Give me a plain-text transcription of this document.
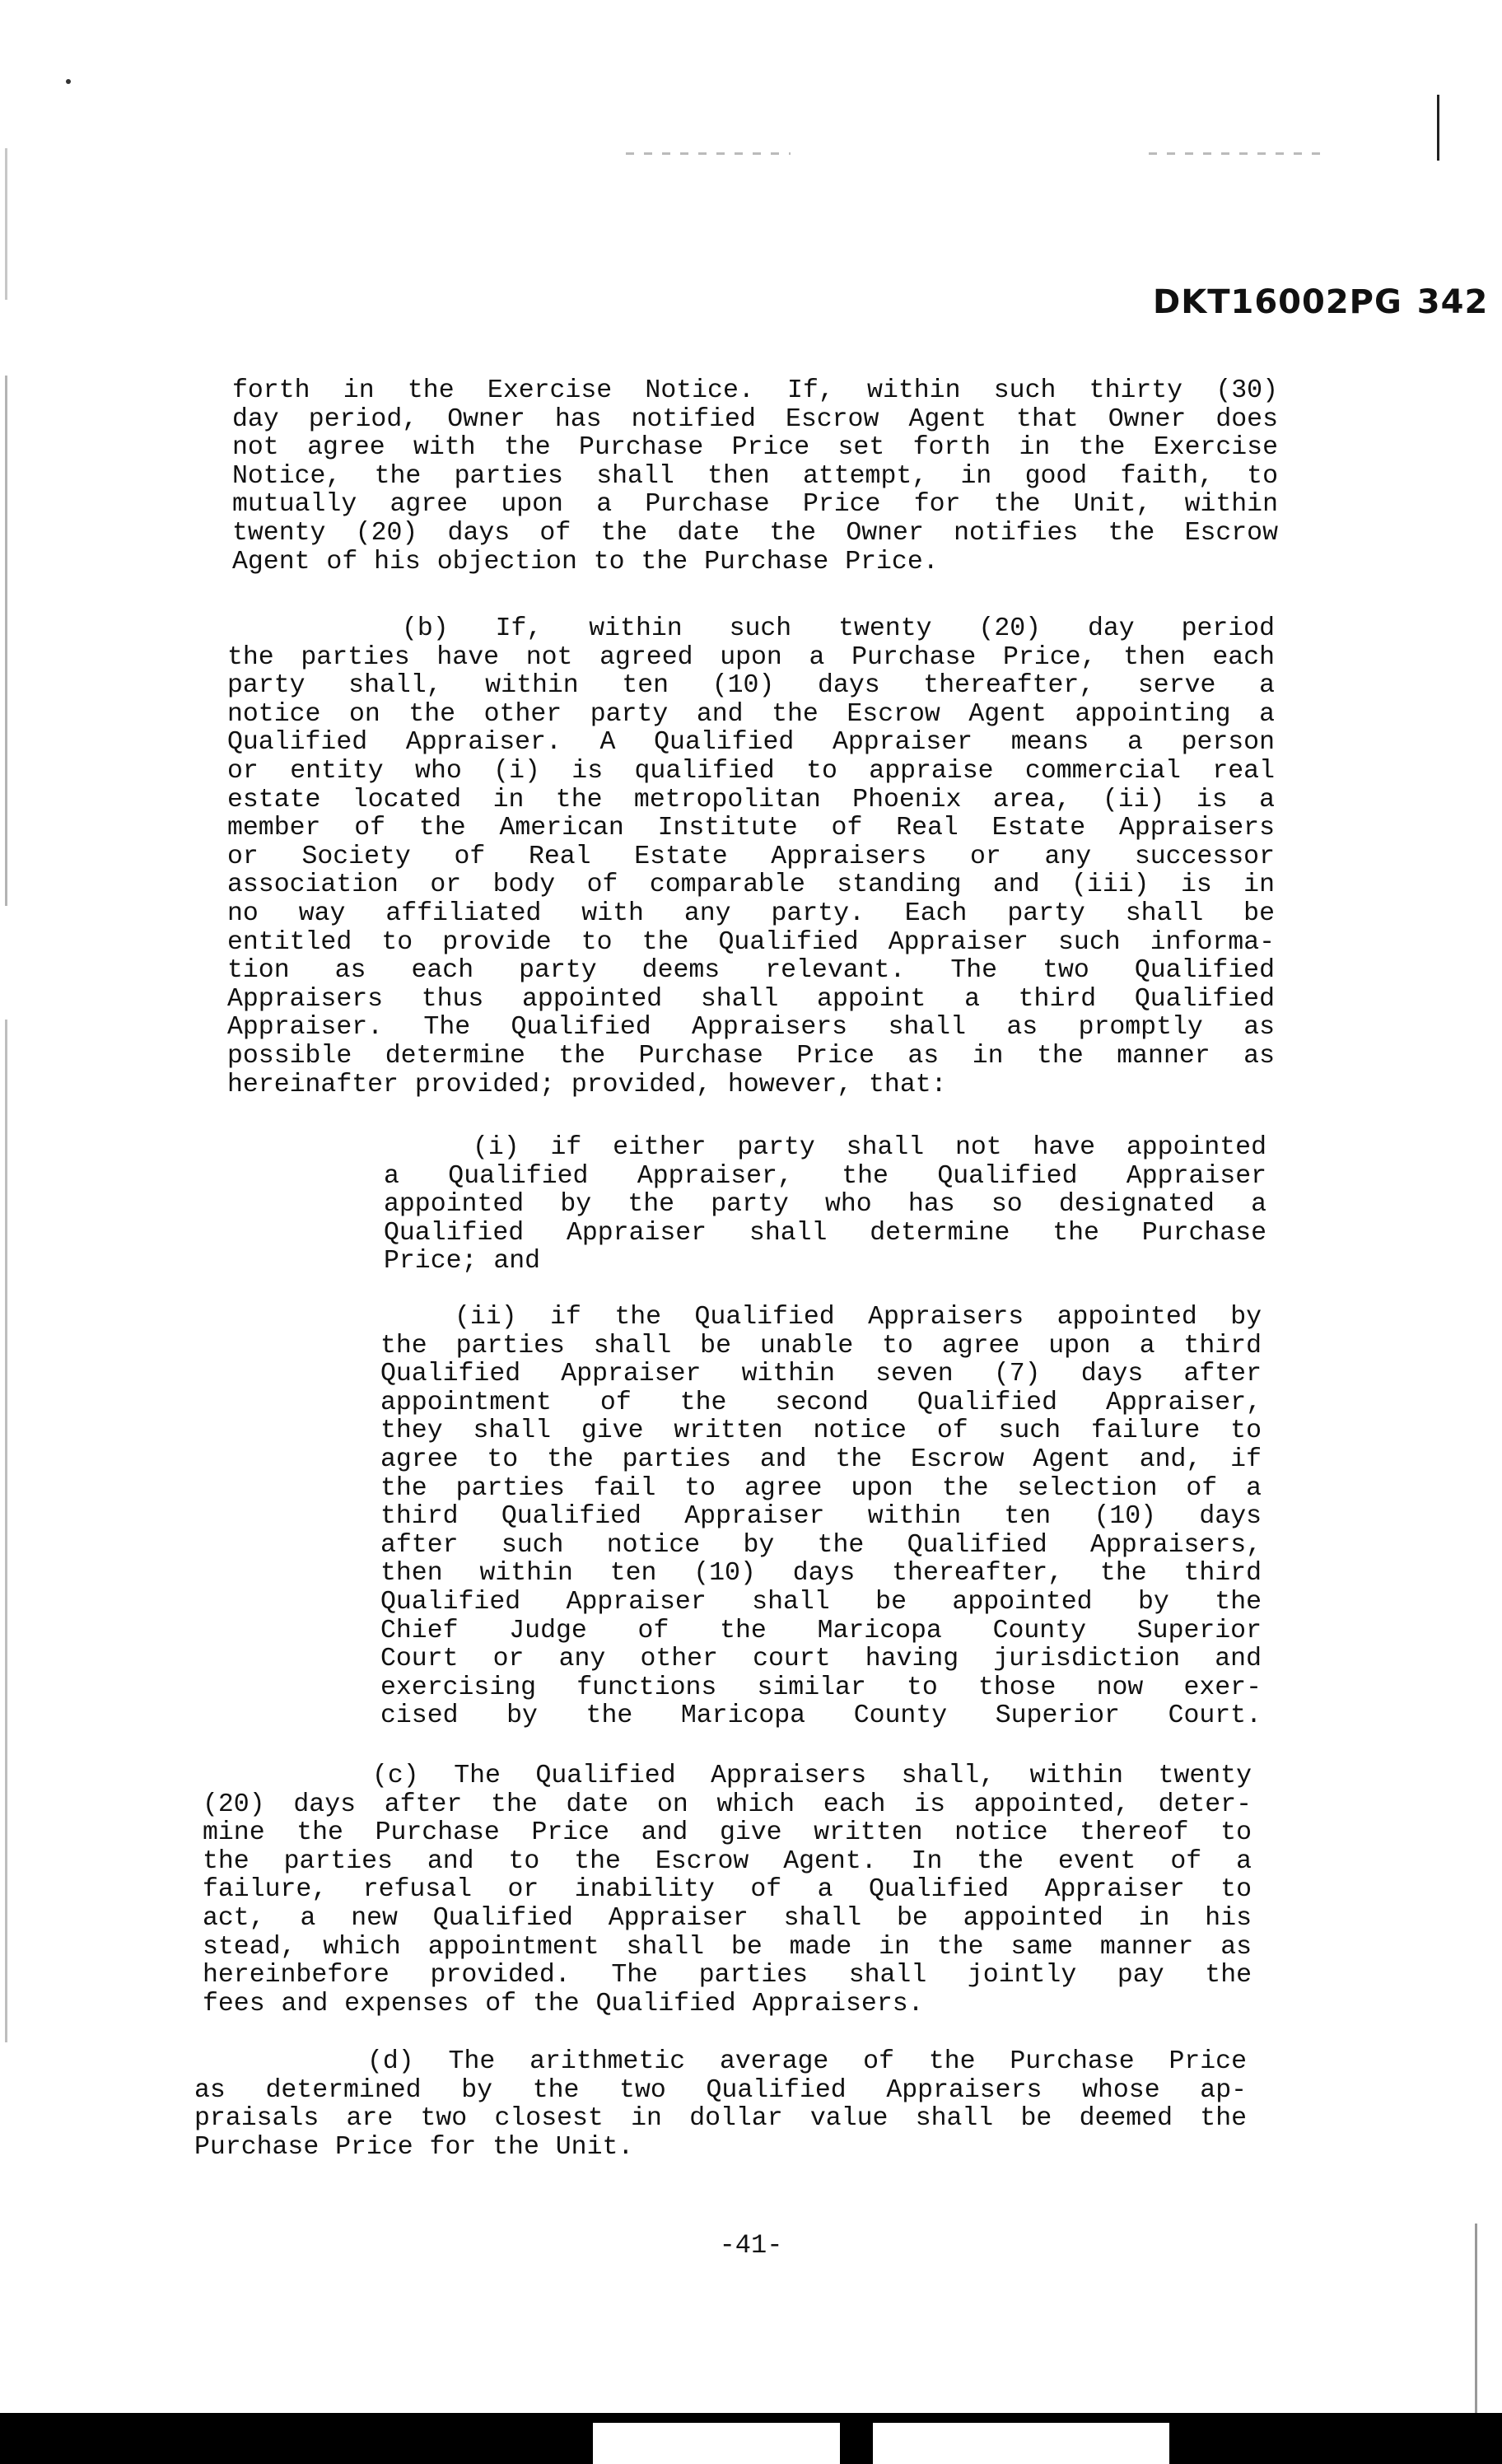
DKT16002PG 342
forth in the Exercise Notice. If, within such thirty (30)
day period, Owner has notified Escrow Agent that Owner does
not agree with the Purchase Price set forth in the Exercise
Notice, the parties shall then attempt, in good faith, to
mutually agree upon a Purchase Price for the Unit, within
twenty (20) days of the date the Owner notifies the Escrow
Agent of his objection to the Purchase Price.
(b) If, within such twenty (20) day period
the parties have not agreed upon a Purchase Price, then each
party shall, within ten (10) days thereafter, serve a
notice on the other party and the Escrow Agent appointing a
Qualified Appraiser. A Qualified Appraiser means a person
or entity who (i) is qualified to appraise commercial real
estate located in the metropolitan Phoenix area, (ii) is a
member of the American Institute of Real Estate Appraisers
or Society of Real Estate Appraisers or any successor
association or body of comparable standing and (iii) is in
no way affiliated with any party. Each party shall be
entitled to provide to the Qualified Appraiser such informa-
tion as each party deems relevant. The two Qualified
Appraisers thus appointed shall appoint a third Qualified
Appraiser. The Qualified Appraisers shall as promptly as
possible determine the Purchase Price as in the manner as
hereinafter provided; provided, however, that:
(i) if either party shall not have appointed
a Qualified Appraiser, the Qualified Appraiser
appointed by the party who has so designated a
Qualified Appraiser shall determine the Purchase
Price; and
(ii) if the Qualified Appraisers appointed by
the parties shall be unable to agree upon a third
Qualified Appraiser within seven (7) days after
appointment of the second Qualified Appraiser,
they shall give written notice of such failure to
agree to the parties and the Escrow Agent and, if
the parties fail to agree upon the selection of a
third Qualified Appraiser within ten (10) days
after such notice by the Qualified Appraisers,
then within ten (10) days thereafter, the third
Qualified Appraiser shall be appointed by the
Chief Judge of the Maricopa County Superior
Court or any other court having jurisdiction and
exercising functions similar to those now exer-
cised by the Maricopa County Superior Court.
(c) The Qualified Appraisers shall, within twenty
(20) days after the date on which each is appointed, deter-
mine the Purchase Price and give written notice thereof to
the parties and to the Escrow Agent. In the event of a
failure, refusal or inability of a Qualified Appraiser to
act, a new Qualified Appraiser shall be appointed in his
stead, which appointment shall be made in the same manner as
hereinbefore provided. The parties shall jointly pay the
fees and expenses of the Qualified Appraisers.
(d) The arithmetic average of the Purchase Price
as determined by the two Qualified Appraisers whose ap-
praisals are two closest in dollar value shall be deemed the
Purchase Price for the Unit.
-41-
